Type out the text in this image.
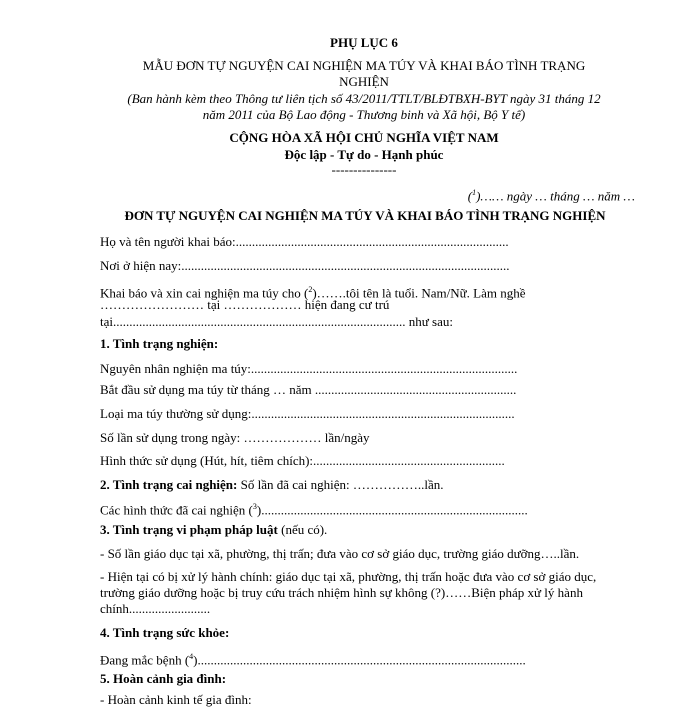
PHỤ LỤC 6
MẪU ĐƠN TỰ NGUYỆN CAI NGHIỆN MA TÚY VÀ KHAI BÁO TÌNH TRẠNG
NGHIỆN
(Ban hành kèm theo Thông tư liên tịch số 43/2011/TTLT/BLĐTBXH-BYT ngày 31 tháng 12
năm 2011 của Bộ Lao động - Thương binh và Xã hội, Bộ Y tế)
CỘNG HÒA XÃ HỘI CHỦ NGHĨA VIỆT NAM
Độc lập - Tự do - Hạnh phúc
---------------
($^1$)…… ngày … tháng … năm …
ĐƠN TỰ NGUYỆN CAI NGHIỆN MA TÚY VÀ KHAI BÁO TÌNH TRẠNG NGHIỆN
Họ và tên người khai báo:....................................................................................
Nơi ở hiện nay:.....................................................................................................
Khai báo và xin cai nghiện ma túy cho ($^2$)…….tôi tên là tuổi. Nam/Nữ. Làm nghề
…………………… tại ……………… hiện đang cư trú
tại.......................................................................................... như sau:
1. Tình trạng nghiện:
Nguyên nhân nghiện ma túy:..................................................................................
Bắt đầu sử dụng ma túy từ tháng … năm ..............................................................
Loại ma túy thường sử dụng:.................................................................................
Số lần sử dụng trong ngày: ……………… lần/ngày
Hình thức sử dụng (Hút, hít, tiêm chích):...........................................................
2. Tình trạng cai nghiện: Số lần đã cai nghiện: ……………..lần.
Các hình thức đã cai nghiện ($^3$)..................................................................................
3. Tình trạng vi phạm pháp luật (nếu có).
- Số lần giáo dục tại xã, phường, thị trấn; đưa vào cơ sở giáo dục, trường giáo dưỡng…..lần.
- Hiện tại có bị xử lý hành chính: giáo dục tại xã, phường, thị trấn hoặc đưa vào cơ sở giáo dục, trường giáo dưỡng hoặc bị truy cứu trách nhiệm hình sự không (?)……Biện pháp xử lý hành chính.........................
4. Tình trạng sức khỏe:
Đang mắc bệnh ($^4$).....................................................................................................
5. Hoàn cảnh gia đình:
- Hoàn cảnh kinh tế gia đình:
